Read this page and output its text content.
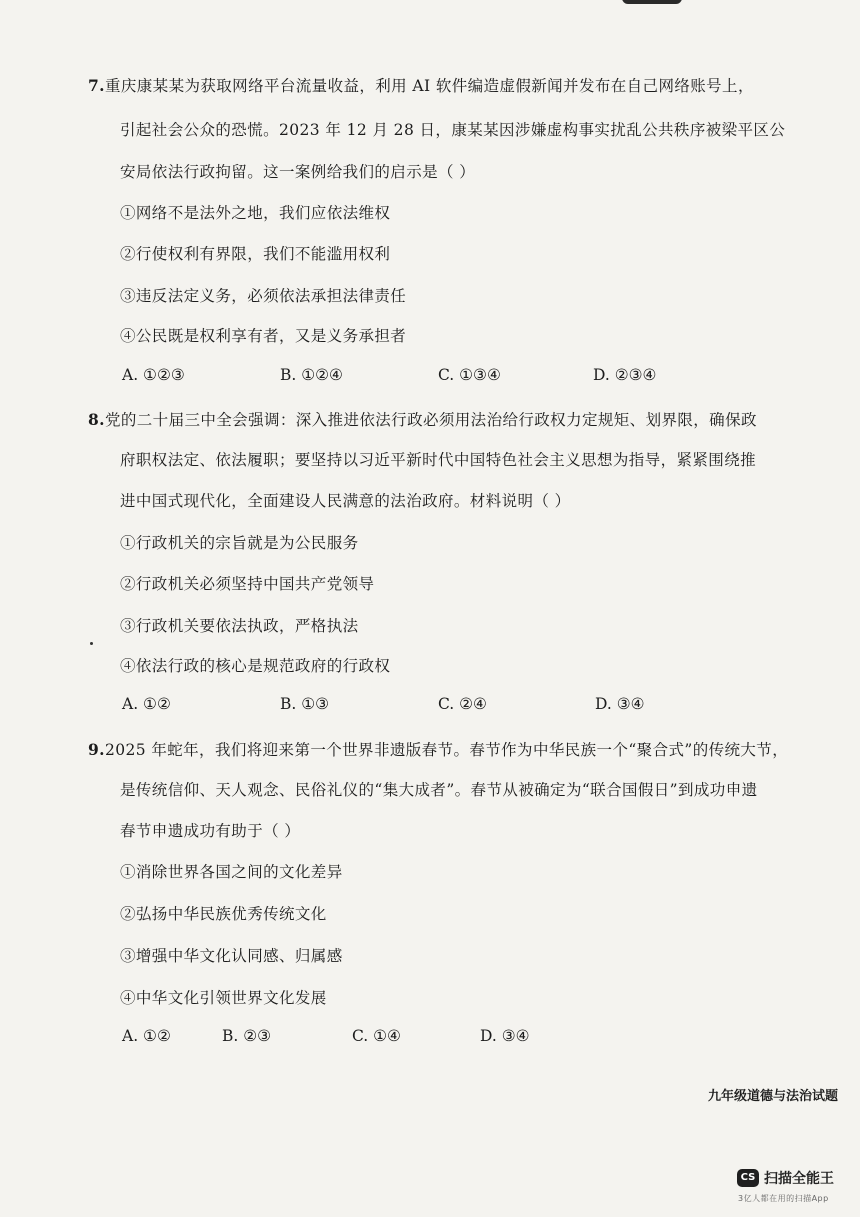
7.重庆康某某为获取网络平台流量收益，利用 AI 软件编造虚假新闻并发布在自己网络账号上，
引起社会公众的恐慌。2023 年 12 月 28 日，康某某因涉嫌虚构事实扰乱公共秩序被梁平区公
安局依法行政拘留。这一案例给我们的启示是（ ）
①网络不是法外之地，我们应依法维权
②行使权利有界限，我们不能滥用权利
③违反法定义务，必须依法承担法律责任
④公民既是权利享有者，又是义务承担者
A. ①②③	B. ①②④	C. ①③④	D. ②③④
8.党的二十届三中全会强调：深入推进依法行政必须用法治给行政权力定规矩、划界限，确保政
府职权法定、依法履职；要坚持以习近平新时代中国特色社会主义思想为指导，紧紧围绕推
进中国式现代化，全面建设人民满意的法治政府。材料说明（ ）
①行政机关的宗旨就是为公民服务
②行政机关必须坚持中国共产党领导
③行政机关要依法执政，严格执法
④依法行政的核心是规范政府的行政权
A. ①②	B. ①③	C. ②④	D. ③④
9.2025 年蛇年，我们将迎来第一个世界非遗版春节。春节作为中华民族一个“聚合式”的传统大节，
是传统信仰、天人观念、民俗礼仪的“集大成者”。春节从被确定为“联合国假日”到成功申遗
春节申遗成功有助于（ ）
①消除世界各国之间的文化差异
②弘扬中华民族优秀传统文化
③增强中华文化认同感、归属感
④中华文化引领世界文化发展
A. ①②	B. ②③	C. ①④	D. ③④
九年级道德与法治试题
CS 扫描全能王
3亿人都在用的扫描App
